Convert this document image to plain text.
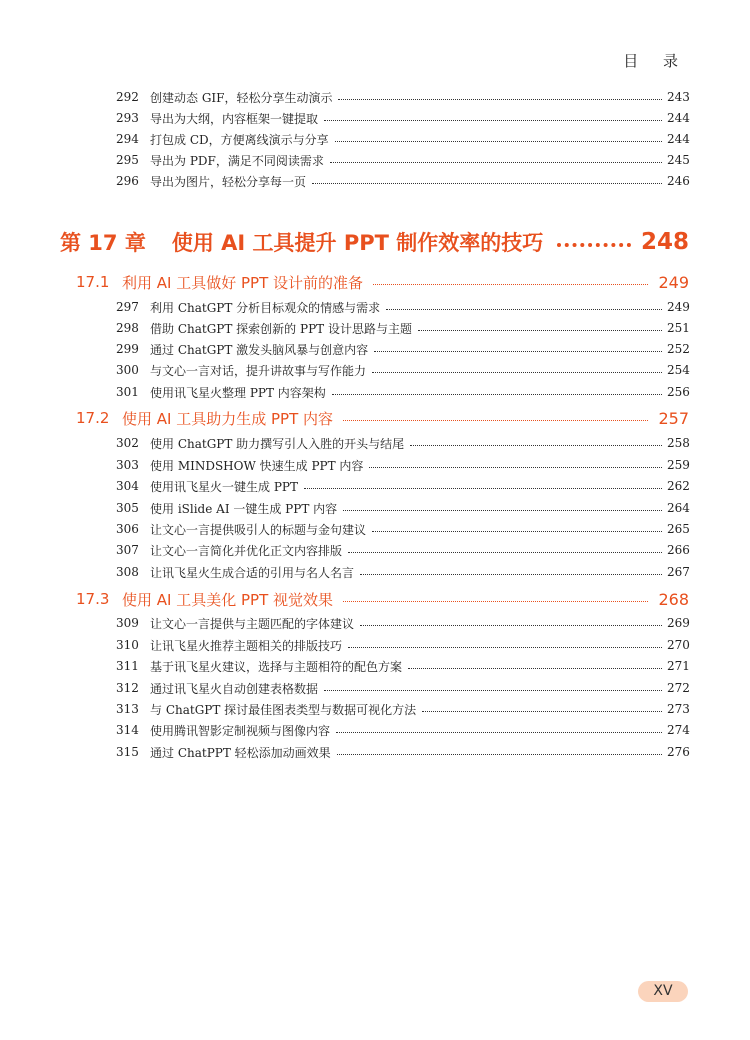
目 录
292 创建动态 GIF，轻松分享生动演示	243
293 导出为大纲，内容框架一键提取	244
294 打包成 CD，方便离线演示与分享	244
295 导出为 PDF，满足不同阅读需求	245
296 导出为图片，轻松分享每一页	246
第 17 章 使用 AI 工具提升 PPT 制作效率的技巧	248
17.1 利用 AI 工具做好 PPT 设计前的准备	249
297 利用 ChatGPT 分析目标观众的情感与需求	249
298 借助 ChatGPT 探索创新的 PPT 设计思路与主题	251
299 通过 ChatGPT 激发头脑风暴与创意内容	252
300 与文心一言对话，提升讲故事与写作能力	254
301 使用讯飞星火整理 PPT 内容架构	256
17.2 使用 AI 工具助力生成 PPT 内容	257
302 使用 ChatGPT 助力撰写引人入胜的开头与结尾	258
303 使用 MINDSHOW 快速生成 PPT 内容	259
304 使用讯飞星火一键生成 PPT	262
305 使用 iSlide AI 一键生成 PPT 内容	264
306 让文心一言提供吸引人的标题与金句建议	265
307 让文心一言简化并优化正文内容排版	266
308 让讯飞星火生成合适的引用与名人名言	267
17.3 使用 AI 工具美化 PPT 视觉效果	268
309 让文心一言提供与主题匹配的字体建议	269
310 让讯飞星火推荐主题相关的排版技巧	270
311 基于讯飞星火建议，选择与主题相符的配色方案	271
312 通过讯飞星火自动创建表格数据	272
313 与 ChatGPT 探讨最佳图表类型与数据可视化方法	273
314 使用腾讯智影定制视频与图像内容	274
315 通过 ChatPPT 轻松添加动画效果	276
XV
